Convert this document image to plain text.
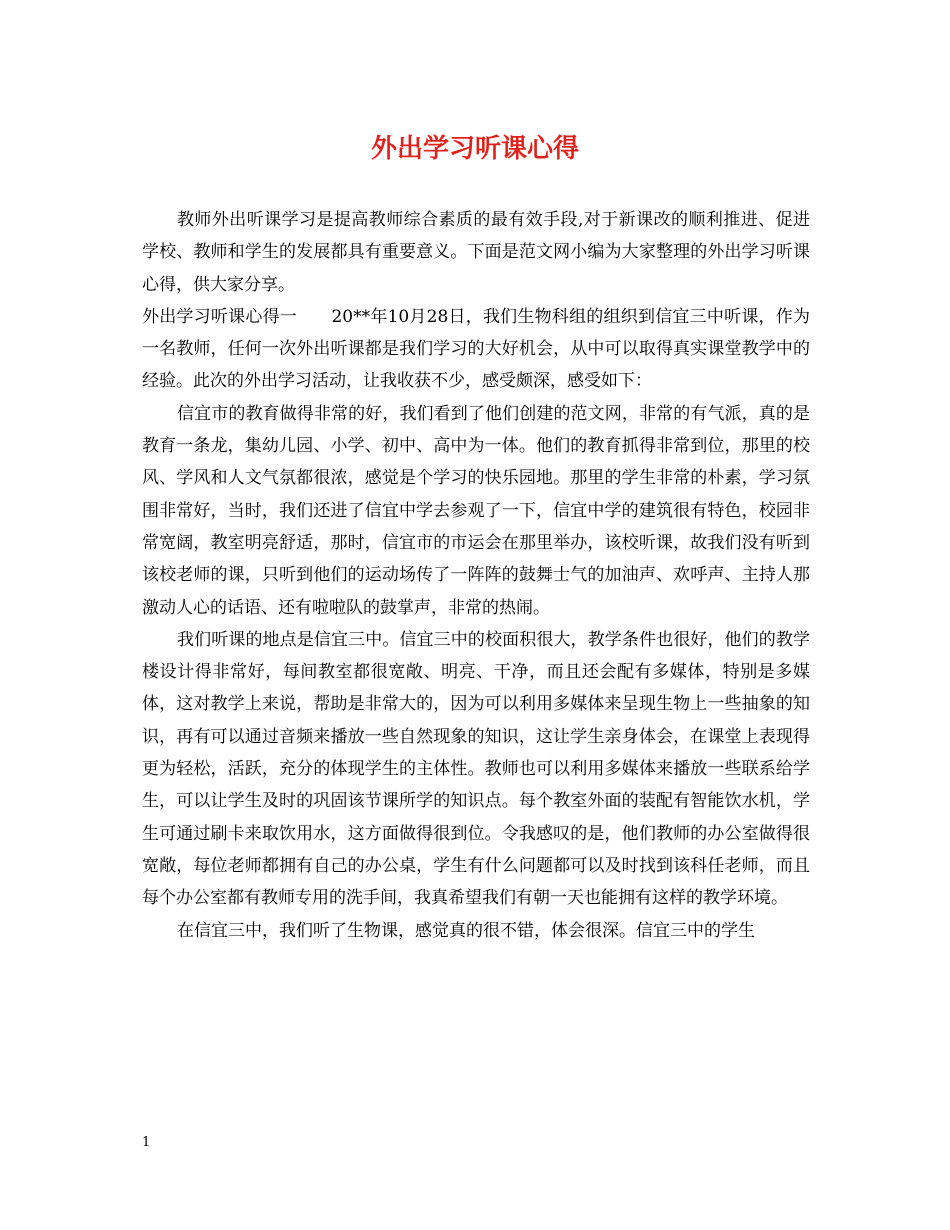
外出学习听课心得

教师外出听课学习是提高教师综合素质的最有效手段,对于新课改的顺利推进、促进学校、教师和学生的发展都具有重要意义。下面是范文网小编为大家整理的外出学习听课心得，供大家分享。

外出学习听课心得一　　20**年10月28日，我们生物科组的组织到信宜三中听课，作为一名教师，任何一次外出听课都是我们学习的大好机会，从中可以取得真实课堂教学中的经验。此次的外出学习活动，让我收获不少，感受颇深，感受如下：

信宜市的教育做得非常的好，我们看到了他们创建的范文网，非常的有气派，真的是教育一条龙，集幼儿园、小学、初中、高中为一体。他们的教育抓得非常到位，那里的校风、学风和人文气氛都很浓，感觉是个学习的快乐园地。那里的学生非常的朴素，学习氛围非常好，当时，我们还进了信宜中学去参观了一下，信宜中学的建筑很有特色，校园非常宽阔，教室明亮舒适，那时，信宜市的市运会在那里举办，该校听课，故我们没有听到该校老师的课，只听到他们的运动场传了一阵阵的鼓舞士气的加油声、欢呼声、主持人那激动人心的话语、还有啦啦队的鼓掌声，非常的热闹。

我们听课的地点是信宜三中。信宜三中的校面积很大，教学条件也很好，他们的教学楼设计得非常好，每间教室都很宽敞、明亮、干净，而且还会配有多媒体，特别是多媒体，这对教学上来说，帮助是非常大的，因为可以利用多媒体来呈现生物上一些抽象的知识，再有可以通过音频来播放一些自然现象的知识，这让学生亲身体会，在课堂上表现得更为轻松，活跃，充分的体现学生的主体性。教师也可以利用多媒体来播放一些联系给学生，可以让学生及时的巩固该节课所学的知识点。每个教室外面的装配有智能饮水机，学生可通过刷卡来取饮用水，这方面做得很到位。令我感叹的是，他们教师的办公室做得很宽敞，每位老师都拥有自己的办公桌，学生有什么问题都可以及时找到该科任老师，而且每个办公室都有教师专用的洗手间，我真希望我们有朝一天也能拥有这样的教学环境。

在信宜三中，我们听了生物课，感觉真的很不错，体会很深。信宜三中的学生

1
